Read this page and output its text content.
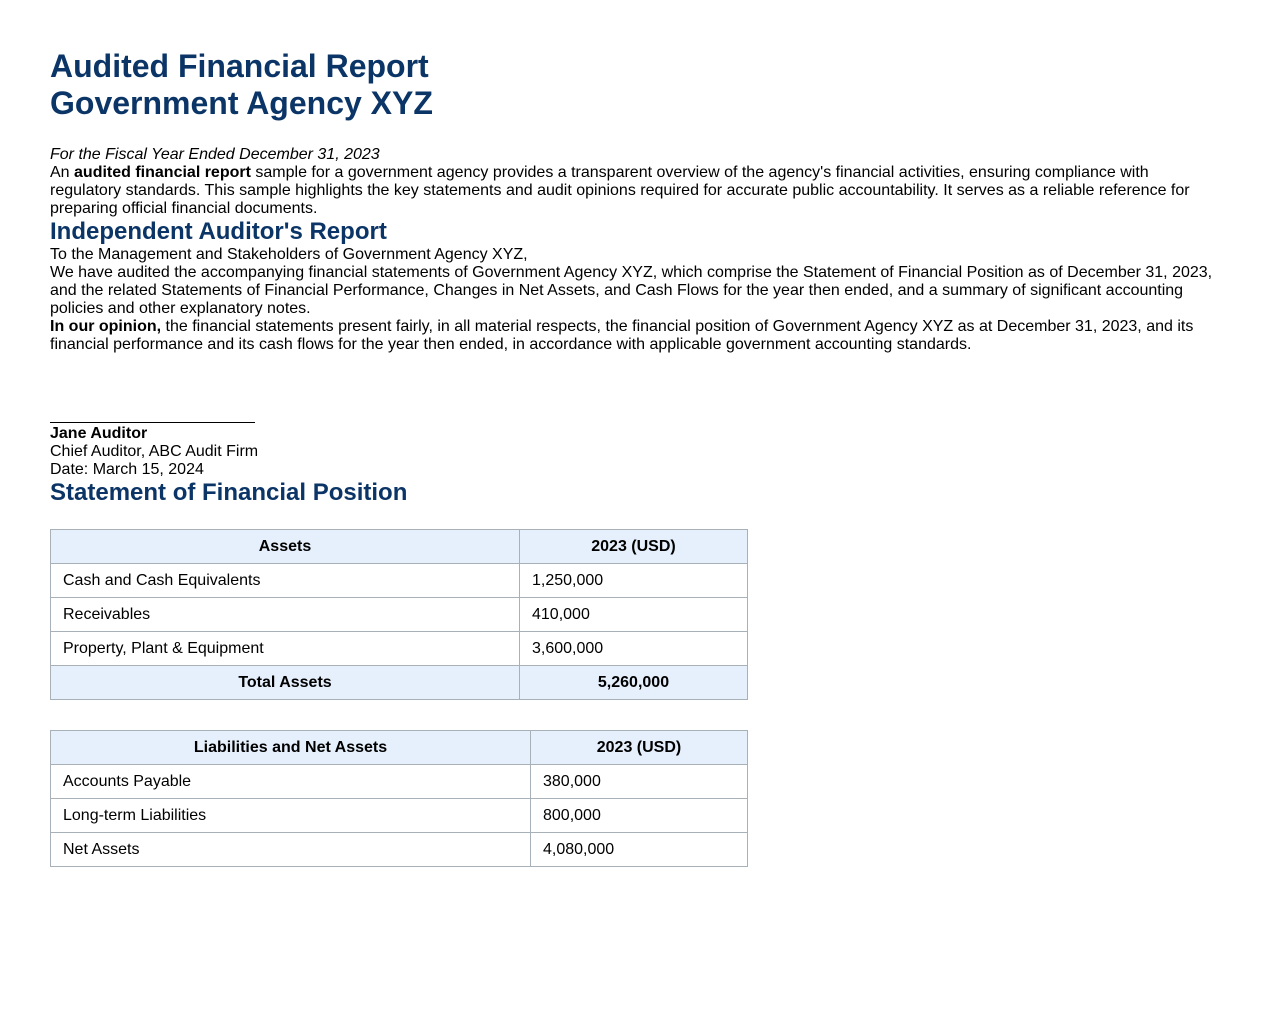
Audited Financial Report
Government Agency XYZ

For the Fiscal Year Ended December 31, 2023

An audited financial report sample for a government agency provides a transparent overview of the agency's financial activities, ensuring compliance with regulatory standards. This sample highlights the key statements and audit opinions required for accurate public accountability. It serves as a reliable reference for preparing official financial documents.

Independent Auditor's Report

To the Management and Stakeholders of Government Agency XYZ,

We have audited the accompanying financial statements of Government Agency XYZ, which comprise the Statement of Financial Position as of December 31, 2023, and the related Statements of Financial Performance, Changes in Net Assets, and Cash Flows for the year then ended, and a summary of significant accounting policies and other explanatory notes.

In our opinion, the financial statements present fairly, in all material respects, the financial position of Government Agency XYZ as at December 31, 2023, and its financial performance and its cash flows for the year then ended, in accordance with applicable government accounting standards.

Jane Auditor
Chief Auditor, ABC Audit Firm
Date: March 15, 2024
Statement of Financial Position
Assets	2023 (USD)
Cash and Cash Equivalents	1,250,000
Receivables	410,000
Property, Plant & Equipment	3,600,000
Total Assets	5,260,000
Liabilities and Net Assets	2023 (USD)
Accounts Payable	380,000
Long-term Liabilities	800,000
Net Assets	4,080,000
